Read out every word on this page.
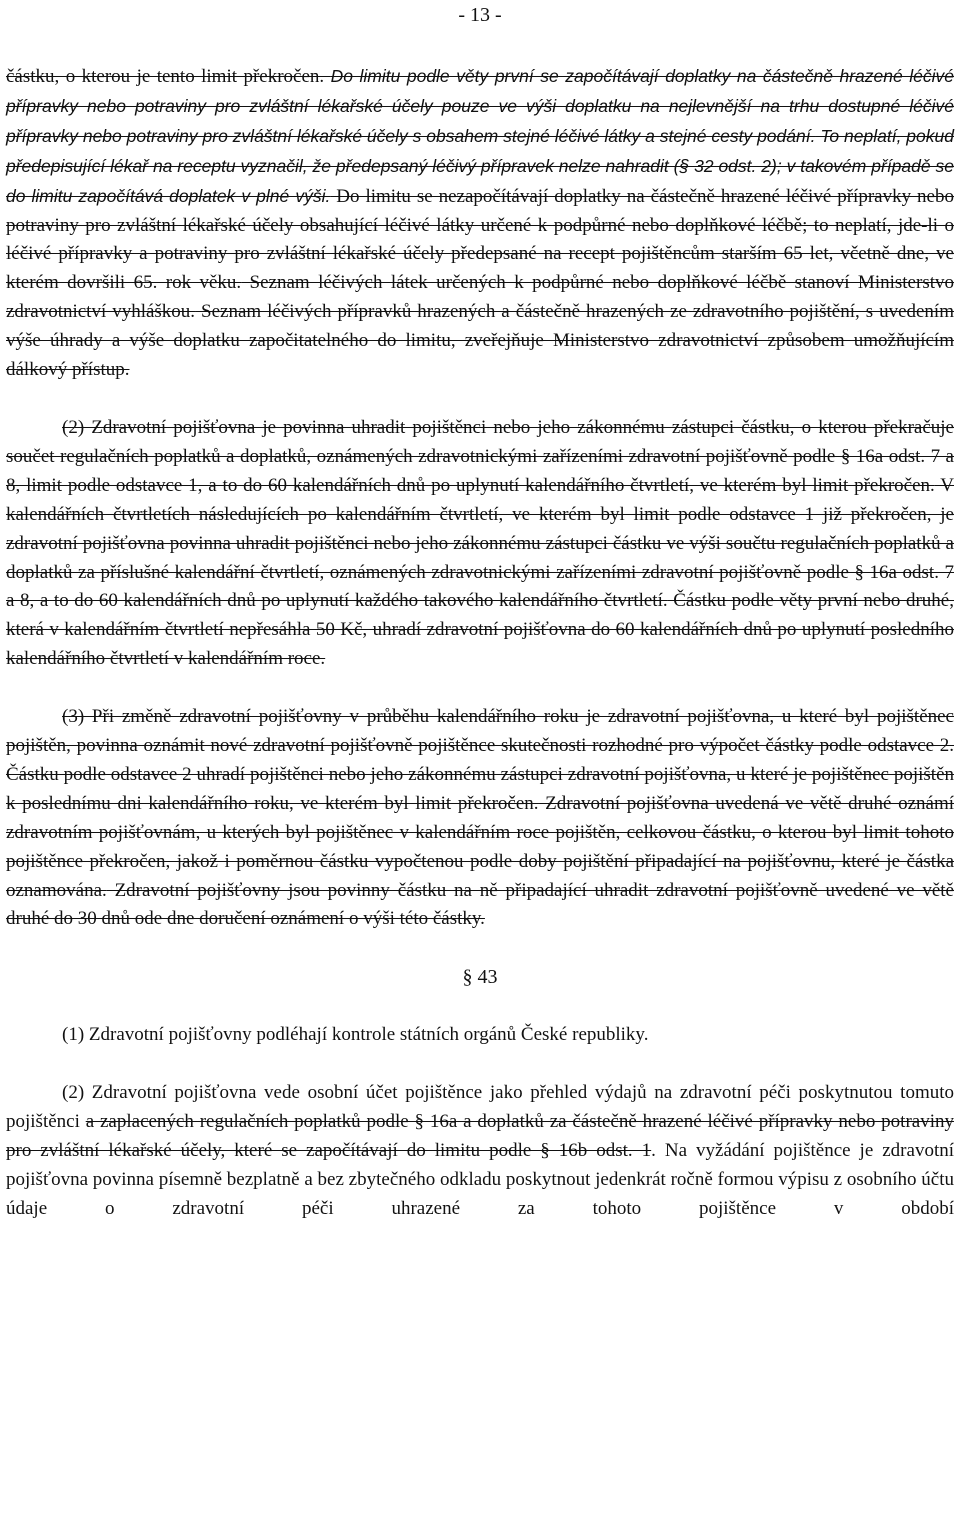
- 13 -

částku, o kterou je tento limit překročen. Do limitu podle věty první se započítávají doplatky na částečně hrazené léčivé přípravky nebo potraviny pro zvláštní lékařské účely pouze ve výši doplatku na nejlevnější na trhu dostupné léčivé přípravky nebo potraviny pro zvláštní lékařské účely s obsahem stejné léčivé látky a stejné cesty podání. To neplatí, pokud předepisující lékař na receptu vyznačil, že předepsaný léčivý přípravek nelze nahradit (§ 32 odst. 2); v takovém případě se do limitu započítává doplatek v plné výši. Do limitu se nezapočítávají doplatky na částečně hrazené léčivé přípravky nebo potraviny pro zvláštní lékařské účely obsahující léčivé látky určené k podpůrné nebo doplňkové léčbě; to neplatí, jde-li o léčivé přípravky a potraviny pro zvláštní lékařské účely předepsané na recept pojištěncům starším 65 let, včetně dne, ve kterém dovršili 65. rok věku. Seznam léčivých látek určených k podpůrné nebo doplňkové léčbě stanoví Ministerstvo zdravotnictví vyhláškou. Seznam léčivých přípravků hrazených a částečně hrazených ze zdravotního pojištění, s uvedením výše úhrady a výše doplatku započitatelného do limitu, zveřejňuje Ministerstvo zdravotnictví způsobem umožňujícím dálkový přístup.

(2) Zdravotní pojišťovna je povinna uhradit pojištěnci nebo jeho zákonnému zástupci částku, o kterou překračuje součet regulačních poplatků a doplatků, oznámených zdravotnickými zařízeními zdravotní pojišťovně podle § 16a odst. 7 a 8, limit podle odstavce 1, a to do 60 kalendářních dnů po uplynutí kalendářního čtvrtletí, ve kterém byl limit překročen. V kalendářních čtvrtletích následujících po kalendářním čtvrtletí, ve kterém byl limit podle odstavce 1 již překročen, je zdravotní pojišťovna povinna uhradit pojištěnci nebo jeho zákonnému zástupci částku ve výši součtu regulačních poplatků a doplatků za příslušné kalendářní čtvrtletí, oznámených zdravotnickými zařízeními zdravotní pojišťovně podle § 16a odst. 7 a 8, a to do 60 kalendářních dnů po uplynutí každého takového kalendářního čtvrtletí. Částku podle věty první nebo druhé, která v kalendářním čtvrtletí nepřesáhla 50 Kč, uhradí zdravotní pojišťovna do 60 kalendářních dnů po uplynutí posledního kalendářního čtvrtletí v kalendářním roce.

(3) Při změně zdravotní pojišťovny v průběhu kalendářního roku je zdravotní pojišťovna, u které byl pojištěnec pojištěn, povinna oznámit nové zdravotní pojišťovně pojištěnce skutečnosti rozhodné pro výpočet částky podle odstavce 2. Částku podle odstavce 2 uhradí pojištěnci nebo jeho zákonnému zástupci zdravotní pojišťovna, u které je pojištěnec pojištěn k poslednímu dni kalendářního roku, ve kterém byl limit překročen. Zdravotní pojišťovna uvedená ve větě druhé oznámí zdravotním pojišťovnám, u kterých byl pojištěnec v kalendářním roce pojištěn, celkovou částku, o kterou byl limit tohoto pojištěnce překročen, jakož i poměrnou částku vypočtenou podle doby pojištění připadající na pojišťovnu, které je částka oznamována. Zdravotní pojišťovny jsou povinny částku na ně připadající uhradit zdravotní pojišťovně uvedené ve větě druhé do 30 dnů ode dne doručení oznámení o výši této částky.

§ 43

(1) Zdravotní pojišťovny podléhají kontrole státních orgánů České republiky.

(2) Zdravotní pojišťovna vede osobní účet pojištěnce jako přehled výdajů na zdravotní péči poskytnutou tomuto pojištěnci a zaplacených regulačních poplatků podle § 16a a doplatků za částečně hrazené léčivé přípravky nebo potraviny pro zvláštní lékařské účely, které se započítávají do limitu podle § 16b odst. 1. Na vyžádání pojištěnce je zdravotní pojišťovna povinna písemně bezplatně a bez zbytečného odkladu poskytnout jedenkrát ročně formou výpisu z osobního účtu údaje o zdravotní péči uhrazené za tohoto pojištěnce v období
